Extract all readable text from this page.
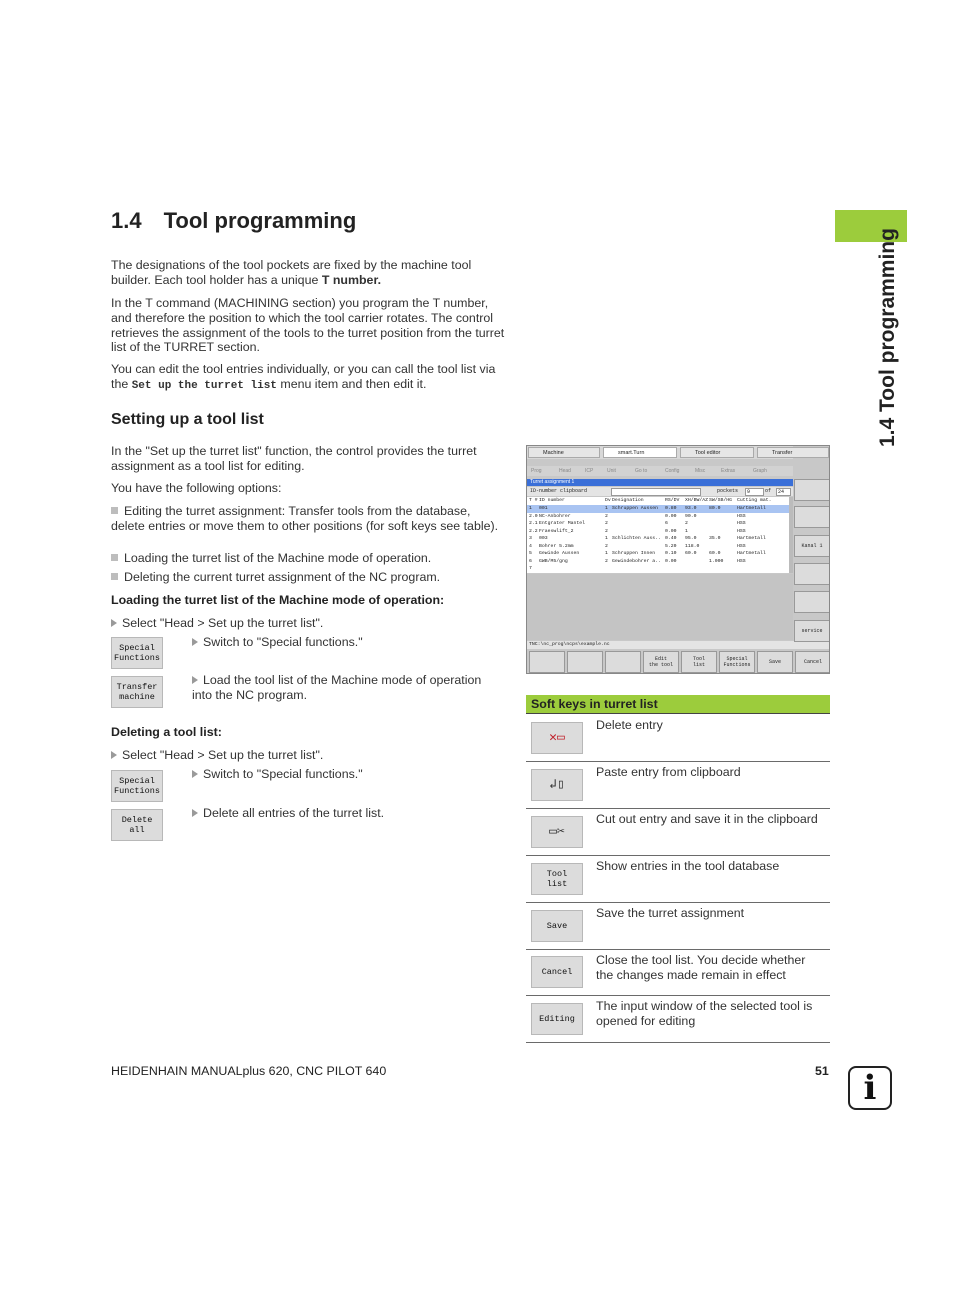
1.4 Tool programming
1.4 Tool programming
The designations of the tool pockets are fixed by the machine tool builder. Each tool holder has a unique T number.
In the T command (MACHINING section) you program the T number, and therefore the position to which the tool carrier rotates. The control retrieves the assignment of the tools to the turret position from the turret list of the TURRET section.
You can edit the tool entries individually, or you can call the tool list via the Set up the turret list menu item and then edit it.
Setting up a tool list
In the "Set up the turret list" function, the control provides the turret assignment as a tool list for editing.
You have the following options:
Editing the turret assignment: Transfer tools from the database, delete entries or move them to other positions (for soft keys see table).
Loading the turret list of the Machine mode of operation.
Deleting the current turret assignment of the NC program.
Loading the turret list of the Machine mode of operation:
Select "Head > Set up the turret list".
Special
Functions
Switch to "Special functions."
Transfer
machine
Load the tool list of the Machine mode of operation into the NC program.
Deleting a tool list:
Select "Head > Set up the turret list".
Special
Functions
Switch to "Special functions."
Delete
all
Delete all entries of the turret list.
Machine	smart.Turn	Tool editor	Transfer
Prog	Head	ICP	Unit	Go to	Config	Misc	Extras	Graph
Turret assignment 1
ID-number clipboard	pockets	9	of	24
T # ID number	Dv Designation	RS/DV XH/BW/AZ SW/SB/HG Cutting mat.
1 001	1 Schruppen Aussen 0.80 93.0	80.0	Hartmetall
2.0 NC-Anbohrer	2	0.00 90.0	HSS
2.1 Entgrater Mantel	2	6	2	HSS
2.2 Fraeswlift_2	2	0.00 1	HSS
3 003	1 Schlichten Auss.. 0.40 95.0	35.0	Hartmetall
4 Bohrer 5.2mm	2	5.20 118.0	HSS
5 Gewinde Aussen	1 Schruppen Innen 0.10 60.0	60.0	Hartmetall
6 GWB/M5/gng	2 Gewindebohrer a.. 0.00	1.000	HSS
7
TNC:\nc_prog\ncps\example.nc
Kanal 1
service
Edit
the tool
Tool
list
Special
Functions	Save	Cancel
Soft keys in turret list
✕▭
Delete entry
↲▯
Paste entry from clipboard
▭✂
Cut out entry and save it in the clipboard
Tool
list
Show entries in the tool database
Save
Save the turret assignment
Cancel
Close the tool list. You decide whether the changes made remain in effect
Editing
The input window of the selected tool is opened for editing
HEIDENHAIN MANUALplus 620, CNC PILOT 640	51 i
